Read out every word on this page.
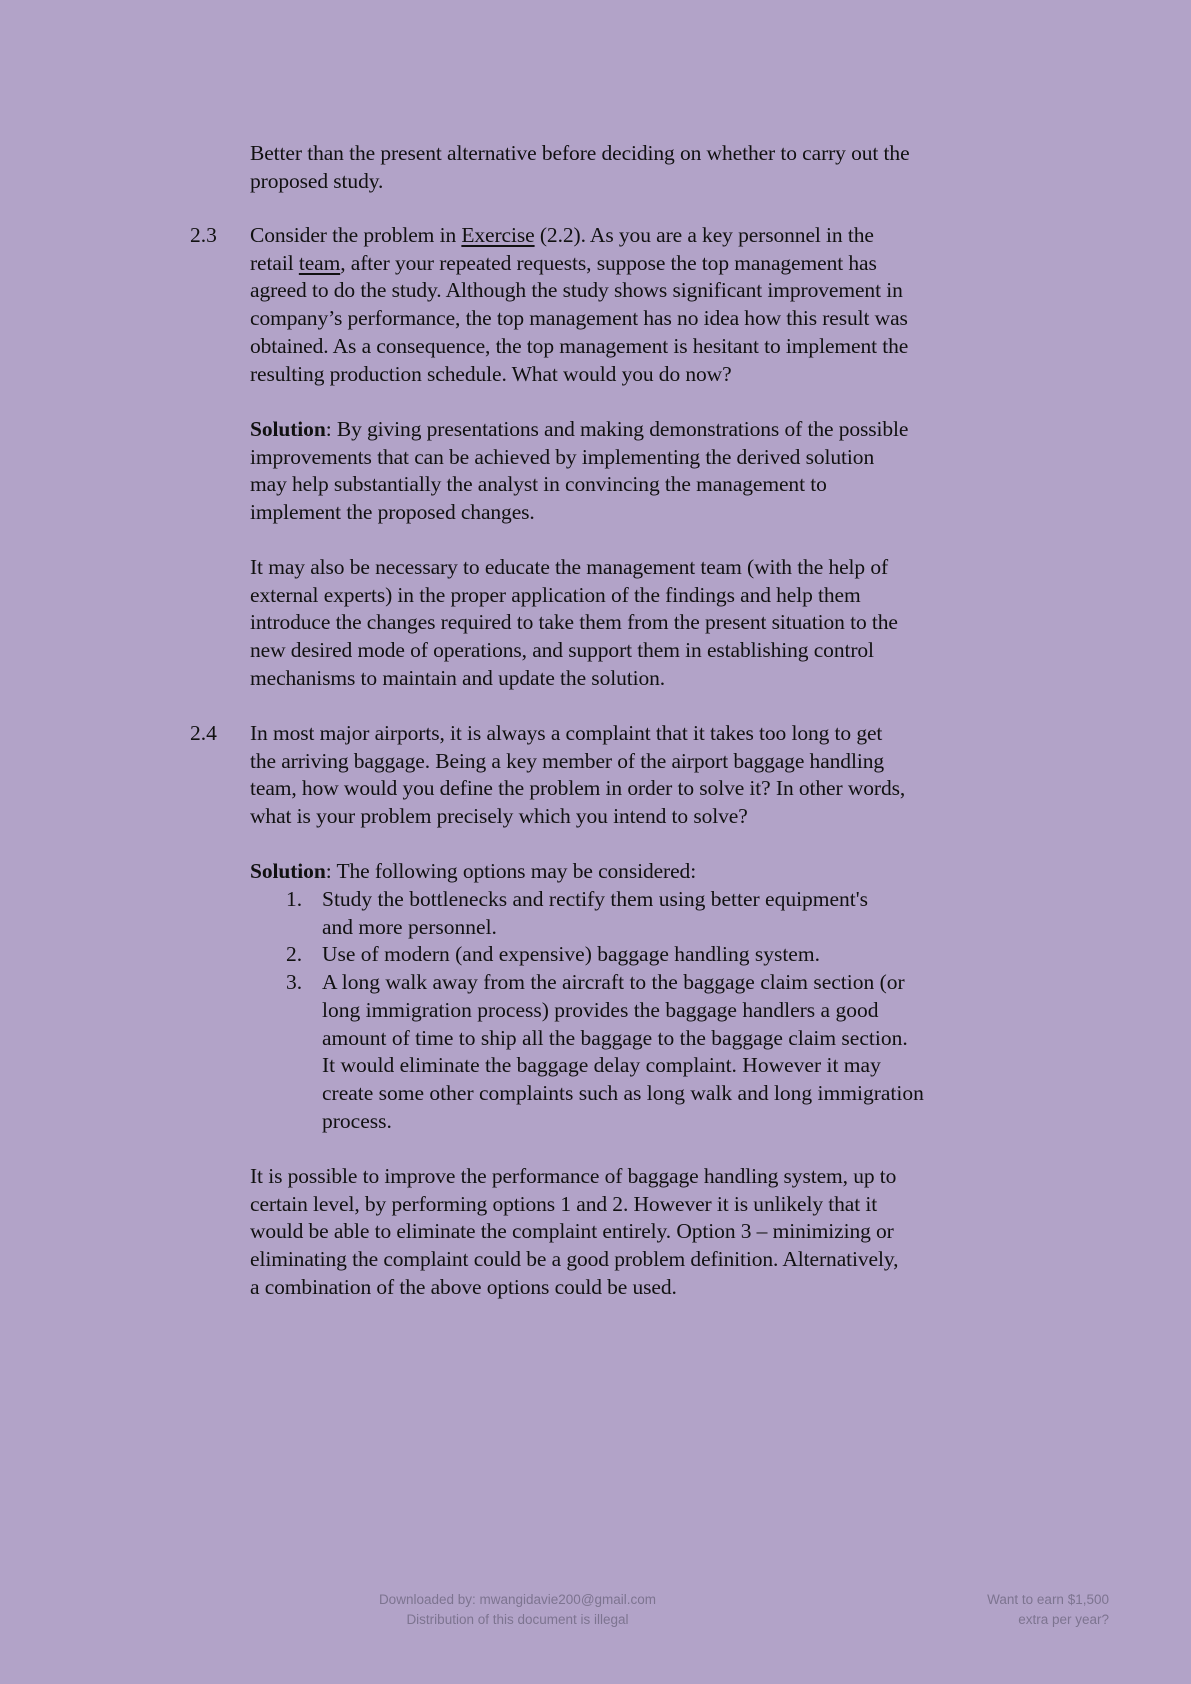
Better than the present alternative before deciding on whether to carry out the
proposed study.
2.3 Consider the problem in Exercise (2.2). As you are a key personnel in the
retail team, after your repeated requests, suppose the top management has
agreed to do the study. Although the study shows significant improvement in
company’s performance, the top management has no idea how this result was
obtained. As a consequence, the top management is hesitant to implement the
resulting production schedule. What would you do now?
Solution: By giving presentations and making demonstrations of the possible
improvements that can be achieved by implementing the derived solution
may help substantially the analyst in convincing the management to
implement the proposed changes.
It may also be necessary to educate the management team (with the help of
external experts) in the proper application of the findings and help them
introduce the changes required to take them from the present situation to the
new desired mode of operations, and support them in establishing control
mechanisms to maintain and update the solution.
2.4 In most major airports, it is always a complaint that it takes too long to get
the arriving baggage. Being a key member of the airport baggage handling
team, how would you define the problem in order to solve it? In other words,
what is your problem precisely which you intend to solve?
Solution: The following options may be considered:
1. Study the bottlenecks and rectify them using better equipment's
and more personnel.
2. Use of modern (and expensive) baggage handling system.
3. A long walk away from the aircraft to the baggage claim section (or
long immigration process) provides the baggage handlers a good
amount of time to ship all the baggage to the baggage claim section.
It would eliminate the baggage delay complaint. However it may
create some other complaints such as long walk and long immigration
process.
It is possible to improve the performance of baggage handling system, up to
certain level, by performing options 1 and 2. However it is unlikely that it
would be able to eliminate the complaint entirely. Option 3 – minimizing or
eliminating the complaint could be a good problem definition. Alternatively,
a combination of the above options could be used.
Downloaded by: mwangidavie200@gmail.com
Distribution of this document is illegal
Want to earn $1,500
extra per year?
